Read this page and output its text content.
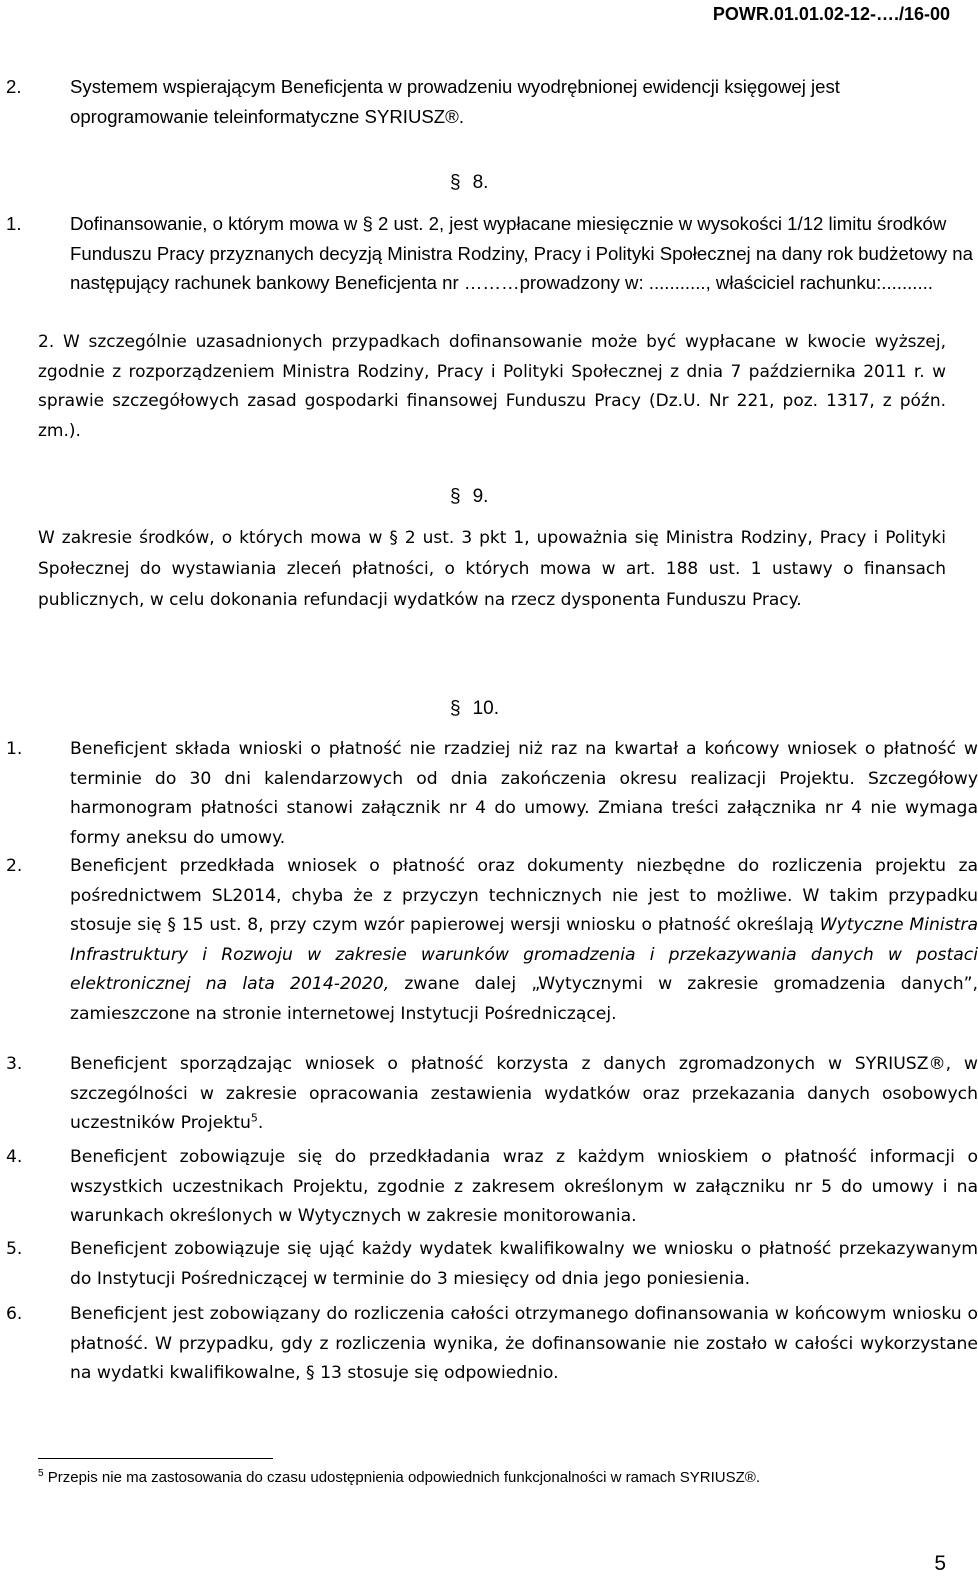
POWR.01.01.02-12-…./16-00
2.	Systemem wspierającym Beneficjenta w prowadzeniu wyodrębnionej ewidencji księgowej jest oprogramowanie teleinformatyczne SYRIUSZ®.
§ 8.
1.	Dofinansowanie, o którym mowa w § 2 ust. 2, jest wypłacane miesięcznie w wysokości 1/12 limitu środków Funduszu Pracy przyznanych decyzją Ministra Rodziny, Pracy i Polityki Społecznej na dany rok budżetowy na następujący rachunek bankowy Beneficjenta nr ………prowadzony w: ..........., właściciel rachunku:..........
2. W szczególnie uzasadnionych przypadkach dofinansowanie może być wypłacane w kwocie wyższej, zgodnie z rozporządzeniem Ministra Rodziny, Pracy i Polityki Społecznej z dnia 7 października 2011 r. w sprawie szczegółowych zasad gospodarki finansowej Funduszu Pracy (Dz.U. Nr 221, poz. 1317, z późn. zm.).
§ 9.
W zakresie środków, o których mowa w § 2 ust. 3 pkt 1, upoważnia się Ministra Rodziny, Pracy i Polityki Społecznej do wystawiania zleceń płatności, o których mowa w art. 188 ust. 1 ustawy o finansach publicznych, w celu dokonania refundacji wydatków na rzecz dysponenta Funduszu Pracy.
§ 10.
1.	Beneficjent składa wnioski o płatność nie rzadziej niż raz na kwartał a końcowy wniosek o płatność w terminie do 30 dni kalendarzowych od dnia zakończenia okresu realizacji Projektu. Szczegółowy harmonogram płatności stanowi załącznik nr 4 do umowy. Zmiana treści załącznika nr 4 nie wymaga formy aneksu do umowy.
2.	Beneficjent przedkłada wniosek o płatność oraz dokumenty niezbędne do rozliczenia projektu za pośrednictwem SL2014, chyba że z przyczyn technicznych nie jest to możliwe. W takim przypadku stosuje się § 15 ust. 8, przy czym wzór papierowej wersji wniosku o płatność określają Wytyczne Ministra Infrastruktury i Rozwoju w zakresie warunków gromadzenia i przekazywania danych w postaci elektronicznej na lata 2014-2020, zwane dalej „Wytycznymi w zakresie gromadzenia danych”, zamieszczone na stronie internetowej Instytucji Pośredniczącej.
3.	Beneficjent sporządzając wniosek o płatność korzysta z danych zgromadzonych w SYRIUSZ®, w szczególności w zakresie opracowania zestawienia wydatków oraz przekazania danych osobowych uczestników Projektu$^5$.
4.	Beneficjent zobowiązuje się do przedkładania wraz z każdym wnioskiem o płatność informacji o wszystkich uczestnikach Projektu, zgodnie z zakresem określonym w załączniku nr 5 do umowy i na warunkach określonych w Wytycznych w zakresie monitorowania.
5.	Beneficjent zobowiązuje się ująć każdy wydatek kwalifikowalny we wniosku o płatność przekazywanym do Instytucji Pośredniczącej w terminie do 3 miesięcy od dnia jego poniesienia.
6.	Beneficjent jest zobowiązany do rozliczenia całości otrzymanego dofinansowania w końcowym wniosku o płatność. W przypadku, gdy z rozliczenia wynika, że dofinansowanie nie zostało w całości wykorzystane na wydatki kwalifikowalne, § 13 stosuje się odpowiednio.
$^5$ Przepis nie ma zastosowania do czasu udostępnienia odpowiednich funkcjonalności w ramach SYRIUSZ®.
5
